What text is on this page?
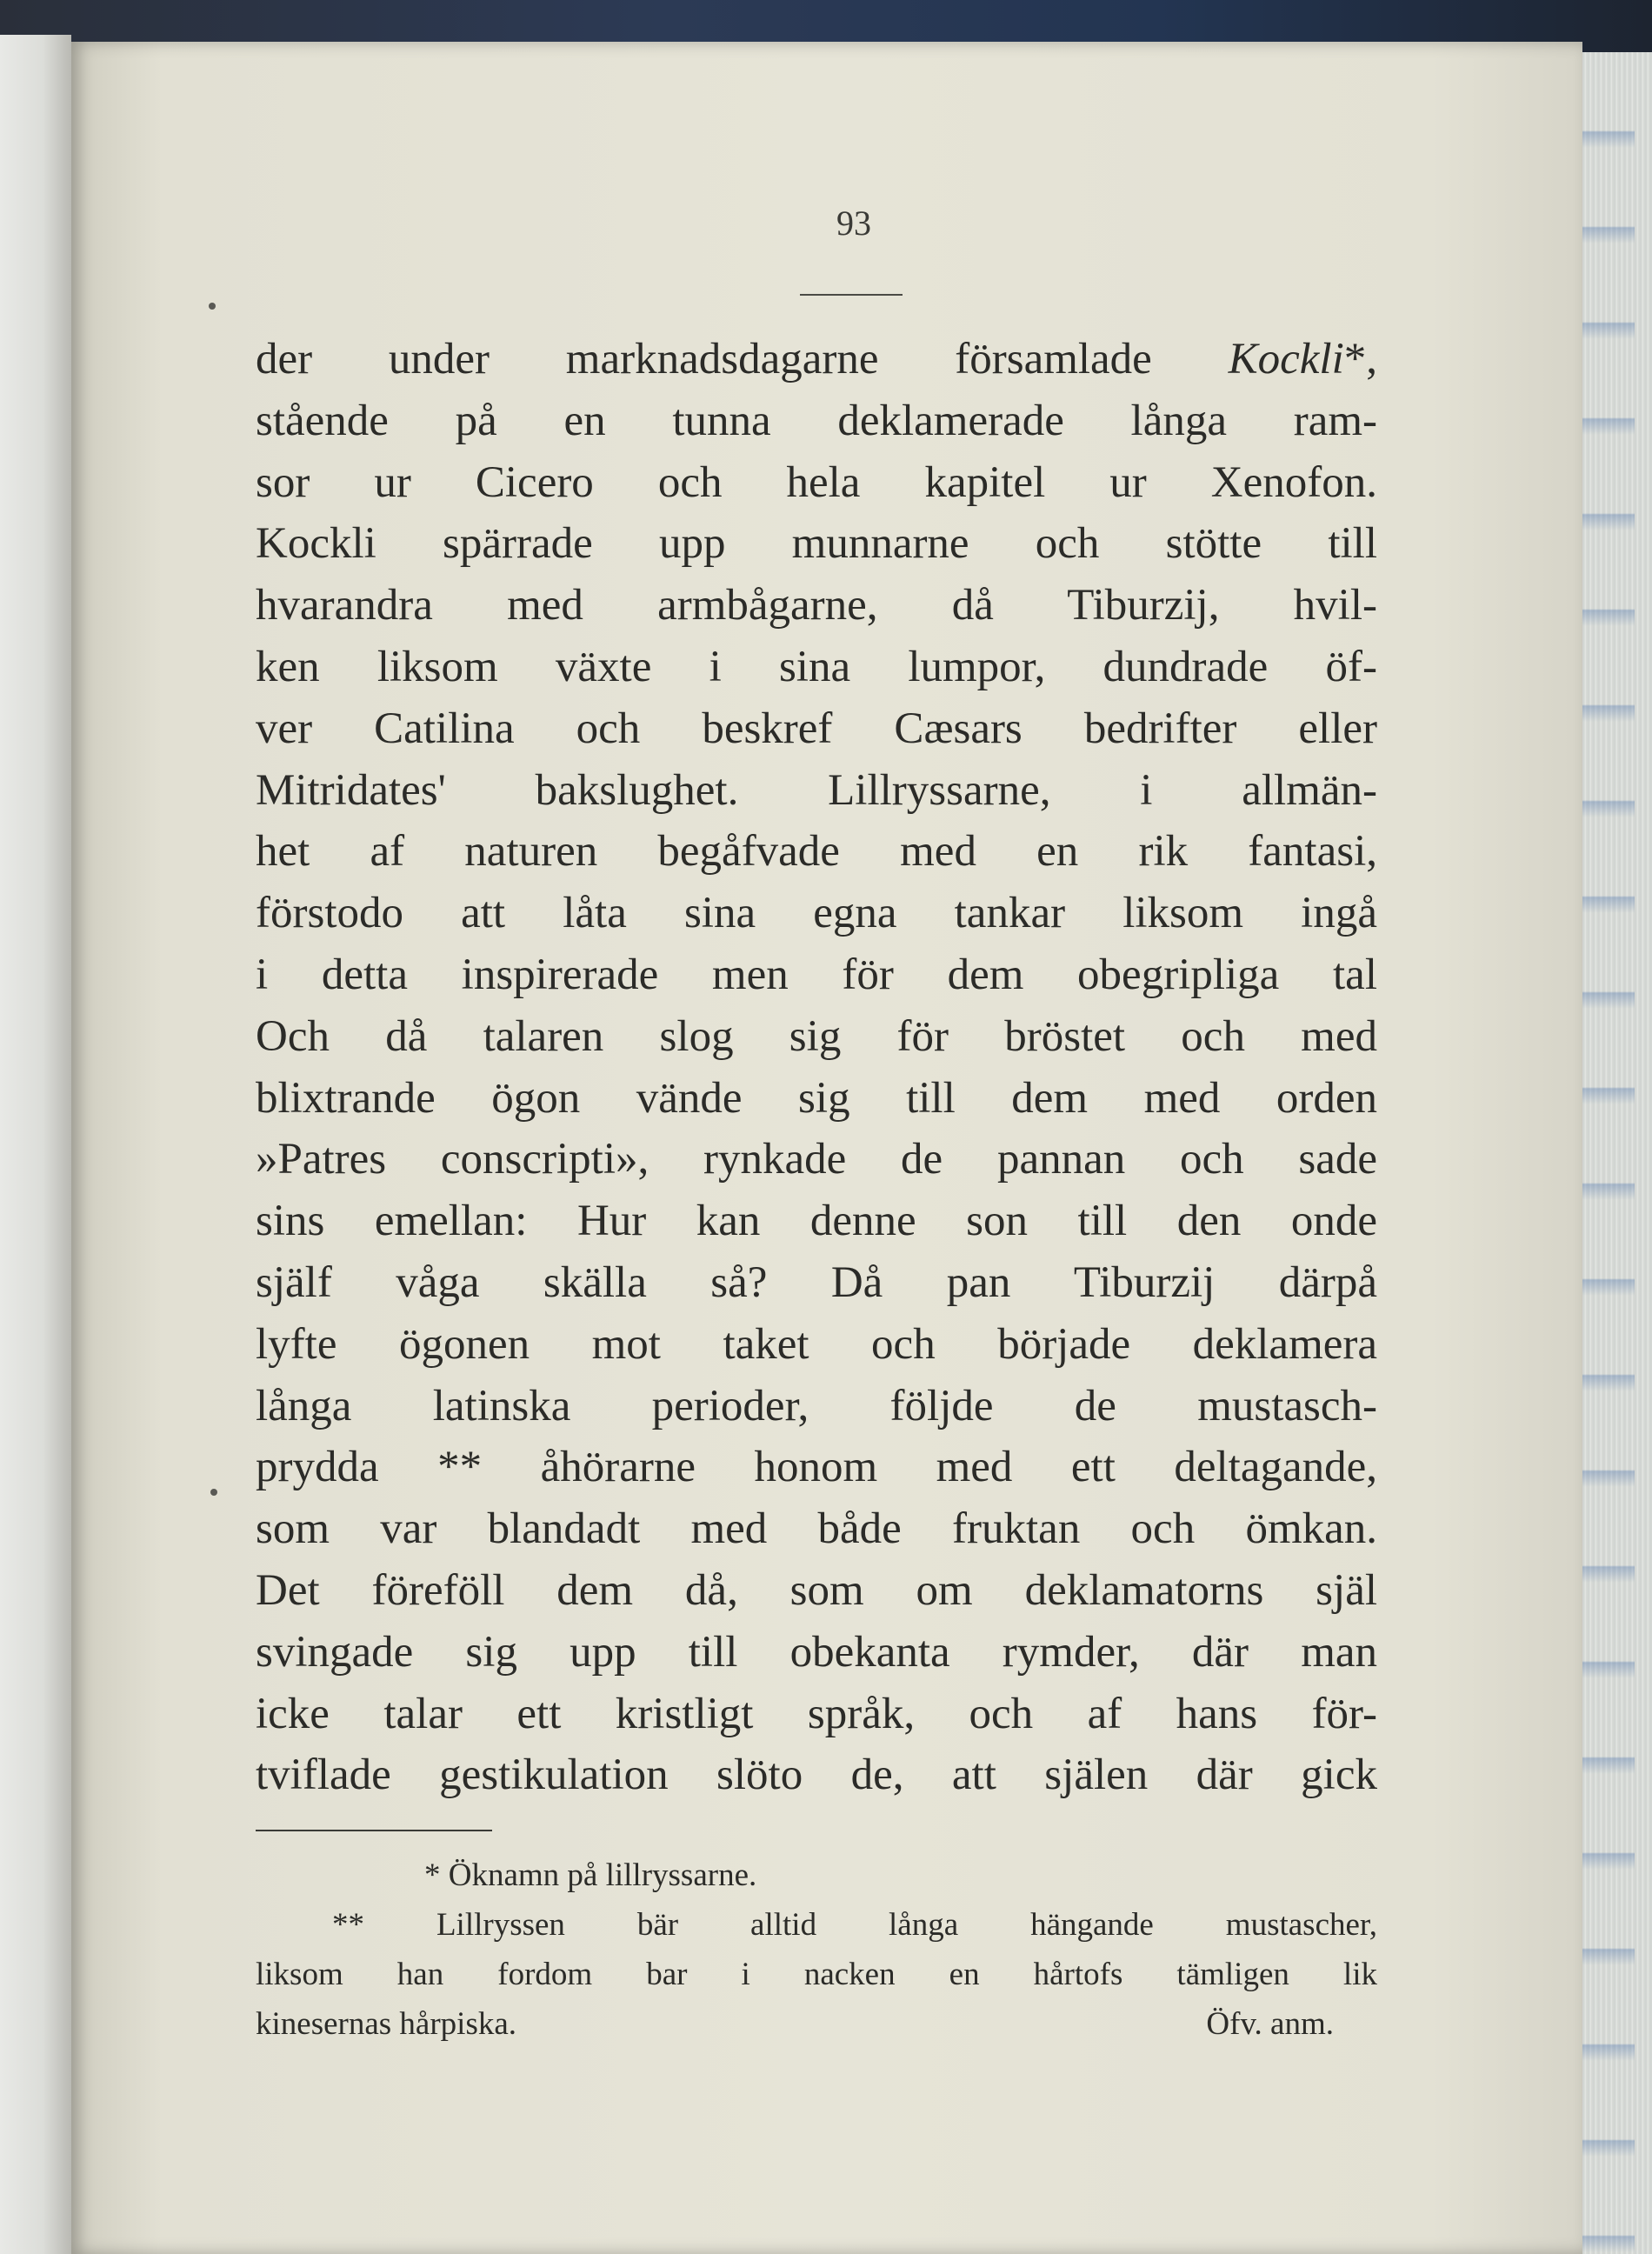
93
der under marknadsdagarne församlade Kockli*,
stående på en tunna deklamerade långa ram-
sor ur Cicero och hela kapitel ur Xenofon.
Kockli spärrade upp munnarne och stötte till
hvarandra med armbågarne, då Tiburzij, hvil-
ken liksom växte i sina lumpor, dundrade öf-
ver Catilina och beskref Cæsars bedrifter eller
Mitridates' bakslughet. Lillryssarne, i allmän-
het af naturen begåfvade med en rik fantasi,
förstodo att låta sina egna tankar liksom ingå
i detta inspirerade men för dem obegripliga tal
Och då talaren slog sig för bröstet och med
blixtrande ögon vände sig till dem med orden
»Patres conscripti», rynkade de pannan och sade
sins emellan: Hur kan denne son till den onde
själf våga skälla så? Då pan Tiburzij därpå
lyfte ögonen mot taket och började deklamera
långa latinska perioder, följde de mustasch-
prydda ** åhörarne honom med ett deltagande,
som var blandadt med både fruktan och ömkan.
Det föreföll dem då, som om deklamatorns själ
svingade sig upp till obekanta rymder, där man
icke talar ett kristligt språk, och af hans för-
tviflade gestikulation slöto de, att själen där gick
* Öknamn på lillryssarne.
** Lillryssen bär alltid långa hängande mustascher,
liksom han fordom bar i nacken en hårtofs tämligen lik
kinesernas hårpiska.	Öfv. anm.
